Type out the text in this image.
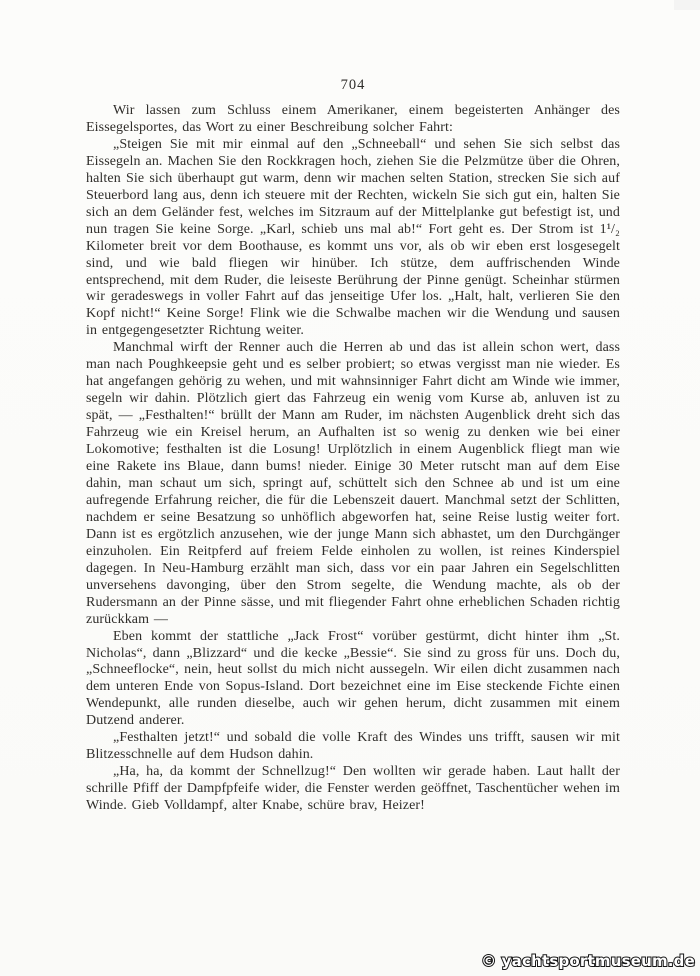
704

Wir lassen zum Schluss einem Amerikaner, einem begeisterten Anhänger des Eissegelsportes, das Wort zu einer Beschreibung solcher Fahrt:

„Steigen Sie mit mir einmal auf den „Schneeball“ und sehen Sie sich selbst das Eissegeln an. Machen Sie den Rockkragen hoch, ziehen Sie die Pelzmütze über die Ohren, halten Sie sich überhaupt gut warm, denn wir machen selten Station, strecken Sie sich auf Steuerbord lang aus, denn ich steuere mit der Rechten, wickeln Sie sich gut ein, halten Sie sich an dem Geländer fest, welches im Sitzraum auf der Mittelplanke gut befestigt ist, und nun tragen Sie keine Sorge. „Karl, schieb uns mal ab!“ Fort geht es. Der Strom ist 1¹/₂ Kilometer breit vor dem Boothause, es kommt uns vor, als ob wir eben erst losgesegelt sind, und wie bald fliegen wir hinüber. Ich stütze, dem auffrischenden Winde entsprechend, mit dem Ruder, die leiseste Berührung der Pinne genügt. Scheinhar stürmen wir geradeswegs in voller Fahrt auf das jenseitige Ufer los. „Halt, halt, verlieren Sie den Kopf nicht!“ Keine Sorge! Flink wie die Schwalbe machen wir die Wendung und sausen in entgegengesetzter Richtung weiter.

Manchmal wirft der Renner auch die Herren ab und das ist allein schon wert, dass man nach Poughkeepsie geht und es selber probiert; so etwas vergisst man nie wieder. Es hat angefangen gehörig zu wehen, und mit wahnsinniger Fahrt dicht am Winde wie immer, segeln wir dahin. Plötzlich giert das Fahrzeug ein wenig vom Kurse ab, anluven ist zu spät, — „Festhalten!“ brüllt der Mann am Ruder, im nächsten Augenblick dreht sich das Fahrzeug wie ein Kreisel herum, an Aufhalten ist so wenig zu denken wie bei einer Lokomotive; festhalten ist die Losung! Urplötzlich in einem Augenblick fliegt man wie eine Rakete ins Blaue, dann bums! nieder. Einige 30 Meter rutscht man auf dem Eise dahin, man schaut um sich, springt auf, schüttelt sich den Schnee ab und ist um eine aufregende Erfahrung reicher, die für die Lebenszeit dauert. Manchmal setzt der Schlitten, nachdem er seine Besatzung so unhöflich abgeworfen hat, seine Reise lustig weiter fort. Dann ist es ergötzlich anzusehen, wie der junge Mann sich abhastet, um den Durchgänger einzuholen. Ein Reitpferd auf freiem Felde einholen zu wollen, ist reines Kinderspiel dagegen. In Neu-Hamburg erzählt man sich, dass vor ein paar Jahren ein Segelschlitten unversehens davonging, über den Strom segelte, die Wendung machte, als ob der Rudersmann an der Pinne sässe, und mit fliegender Fahrt ohne erheblichen Schaden richtig zurückkam —

Eben kommt der stattliche „Jack Frost“ vorüber gestürmt, dicht hinter ihm „St. Nicholas“, dann „Blizzard“ und die kecke „Bessie“. Sie sind zu gross für uns. Doch du, „Schneeflocke“, nein, heut sollst du mich nicht aussegeln. Wir eilen dicht zusammen nach dem unteren Ende von Sopus-Island. Dort bezeichnet eine im Eise steckende Fichte einen Wendepunkt, alle runden dieselbe, auch wir gehen herum, dicht zusammen mit einem Dutzend anderer.

„Festhalten jetzt!“ und sobald die volle Kraft des Windes uns trifft, sausen wir mit Blitzesschnelle auf dem Hudson dahin.

„Ha, ha, da kommt der Schnellzug!“ Den wollten wir gerade haben. Laut hallt der schrille Pfiff der Dampfpfeife wider, die Fenster werden geöffnet, Taschentücher wehen im Winde. Gieb Volldampf, alter Knabe, schüre brav, Heizer!

© yachtsportmuseum.de
